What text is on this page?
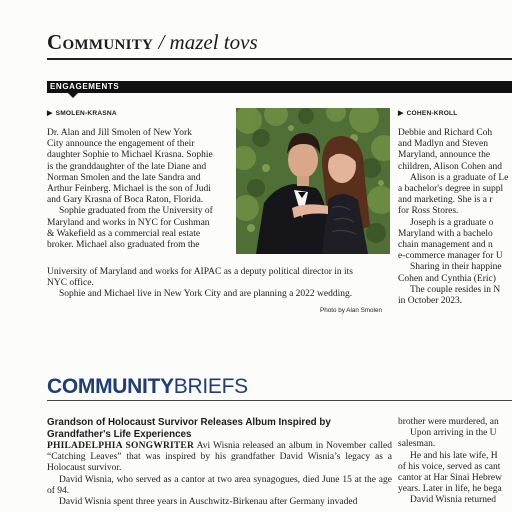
Community / mazel tovs
ENGAGEMENTS
▶ SMOLEN-KRASNA
Dr. Alan and Jill Smolen of New York
City announce the engagement of their
daughter Sophie to Michael Krasna. Sophie
is the granddaughter of the late Diane and
Norman Smolen and the late Sandra and
Arthur Feinberg. Michael is the son of Judi
and Gary Krasna of Boca Raton, Florida.
Sophie graduated from the University of
Maryland and works in NYC for Cushman
& Wakefield as a commercial real estate
broker. Michael also graduated from the
University of Maryland and works for AIPAC as a deputy political director in its
NYC office.
Sophie and Michael live in New York City and are planning a 2022 wedding.
Photo by Alan Smolen
▶ COHEN-KROLL
Debbie and Richard Coh
and Madlyn and Steven
Maryland, announce the
children, Alison Cohen and
Alison is a graduate of Le
a bachelor's degree in suppl
and marketing. She is a r
for Ross Stores.
Joseph is a graduate o
Maryland with a bachelo
chain management and n
e-commerce manager for U
Sharing in their happine
Cohen and Cynthia (Eric)
The couple resides in N
in October 2023.
COMMUNITYBRIEFS
Grandson of Holocaust Survivor Releases Album Inspired by
Grandfather's Life Experiences

PHILADELPHIA SONGWRITER Avi Wisnia released an album in November called “Catching Leaves” that was inspired by his grandfather David Wisnia’s legacy as a Holocaust survivor.

David Wisnia, who served as a cantor at two area synagogues, died June 15 at the age of 94.

David Wisnia spent three years in Auschwitz-Birkenau after Germany invaded

brother were murdered, an
Upon arriving in the U
salesman.
He and his late wife, H
of his voice, served as cant
cantor at Har Sinai Hebrew
years. Later in life, he bega
David Wisnia returned
